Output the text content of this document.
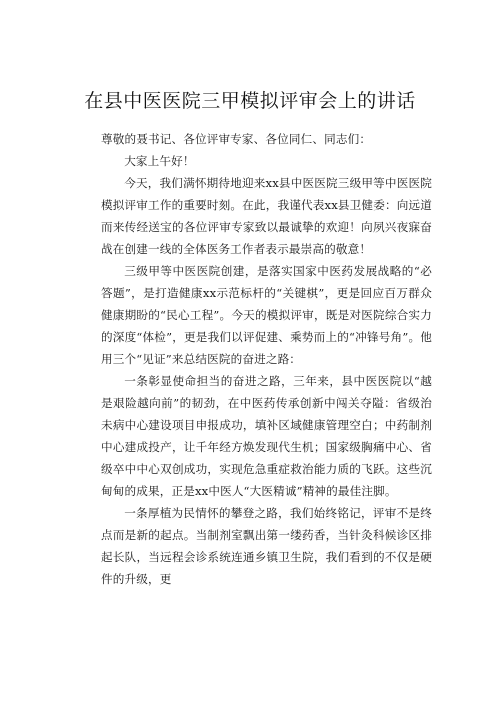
在县中医医院三甲模拟评审会上的讲话

尊敬的聂书记、各位评审专家、各位同仁、同志们：

大家上午好！

今天，我们满怀期待地迎来xx县中医医院三级甲等中医医院模拟评审工作的重要时刻。在此，我谨代表xx县卫健委：向远道而来传经送宝的各位评审专家致以最诚挚的欢迎！向夙兴夜寐奋战在创建一线的全体医务工作者表示最崇高的敬意！

三级甲等中医医院创建，是落实国家中医药发展战略的“必答题”，是打造健康xx示范标杆的“关键棋”，更是回应百万群众健康期盼的“民心工程”。今天的模拟评审，既是对医院综合实力的深度“体检”，更是我们以评促建、乘势而上的“冲锋号角”。他用三个“见证”来总结医院的奋进之路：

一条彰显使命担当的奋进之路，三年来，县中医医院以“越是艰险越向前”的韧劲，在中医药传承创新中闯关夺隘：省级治未病中心建设项目申报成功，填补区域健康管理空白；中药制剂中心建成投产，让千年经方焕发现代生机；国家级胸痛中心、省级卒中中心双创成功，实现危急重症救治能力质的飞跃。这些沉甸甸的成果，正是xx中医人“大医精诚”精神的最佳注脚。

一条厚植为民情怀的攀登之路，我们始终铭记，评审不是终点而是新的起点。当制剂室飘出第一缕药香，当针灸科候诊区排起长队，当远程会诊系统连通乡镇卫生院，我们看到的不仅是硬件的升级，更
